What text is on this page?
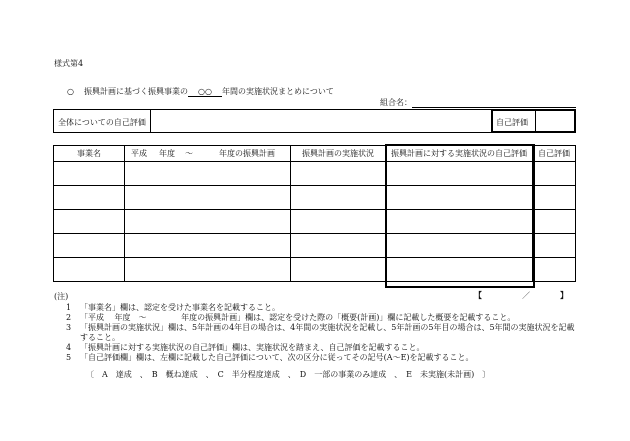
様式第4
○ 振興計画に基づく振興事業の ○○ 年間の実施状況まとめについて
組合名：
全体についての自己評価	自己評価
事業名	平成 年度 ～ 年度の振興計画	振興計画の実施状況	振興計画に対する実施状況の自己評価	自己評価

(注)	【	／	】
1 「事業名」欄は、認定を受けた事業名を記載すること。
2 「平成　 年度　～　　　　 年度の振興計画」欄は、認定を受けた際の「概要(計画)」欄に記載した概要を記載すること。
3 「振興計画の実施状況」欄は、5年計画の4年目の場合は、4年間の実施状況を記載し、5年計画の5年目の場合は、5年間の実施状況を記載
すること。
4 「振興計画に対する実施状況の自己評価」欄は、実施状況を踏まえ、自己評価を記載すること。
5 「自己評価欄」欄は、左欄に記載した自己評価について、次の区分に従ってその記号(A～E)を記載すること。
〔　A　達成　、　B　概ね達成　、　C　半分程度達成　、　D　一部の事業のみ達成　、　E　未実施(未計画)　〕
